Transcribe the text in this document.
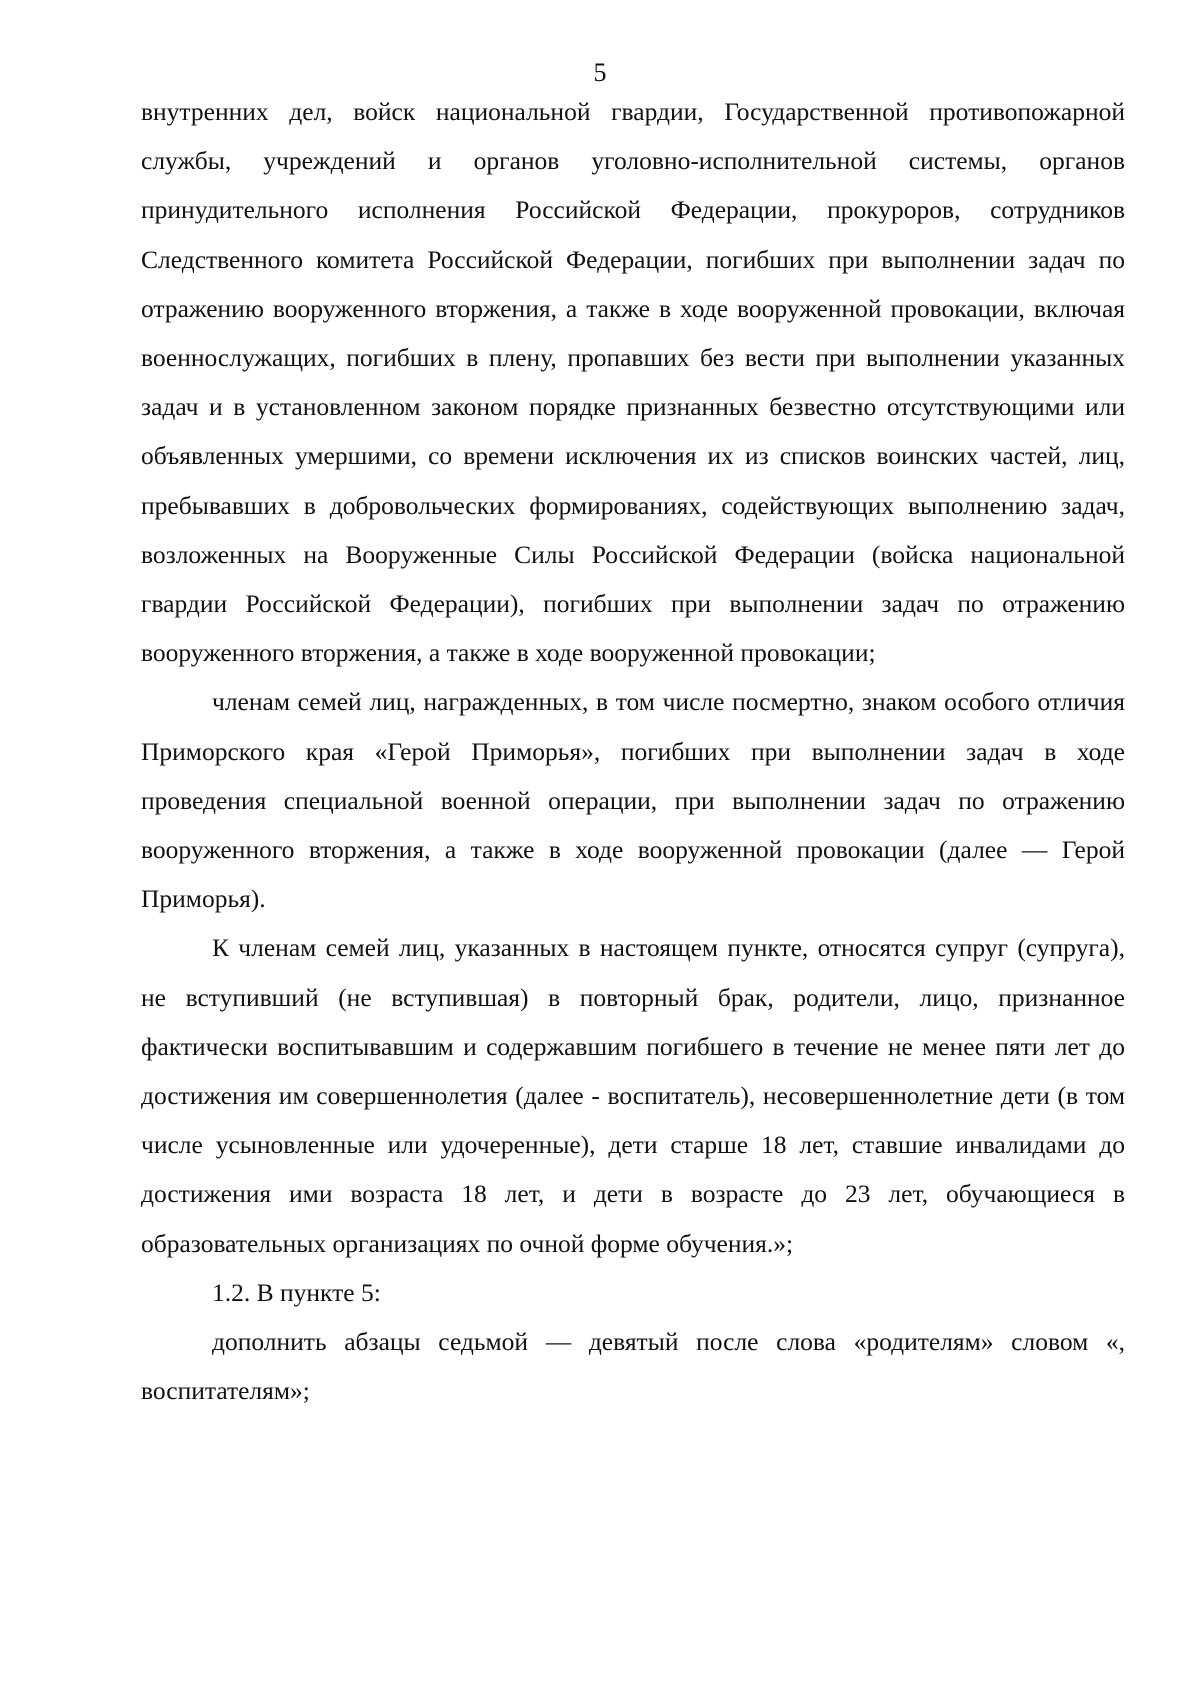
5

внутренних дел, войск национальной гвардии, Государственной противопожарной службы, учреждений и органов уголовно-исполнительной системы, органов принудительного исполнения Российской Федерации, прокуроров, сотрудников Следственного комитета Российской Федерации, погибших при выполнении задач по отражению вооруженного вторжения, а также в ходе вооруженной провокации, включая военнослужащих, погибших в плену, пропавших без вести при выполнении указанных задач и в установленном законом порядке признанных безвестно отсутствующими или объявленных умершими, со времени исключения их из списков воинских частей, лиц, пребывавших в добровольческих формированиях, содействующих выполнению задач, возложенных на Вооруженные Силы Российской Федерации (войска национальной гвардии Российской Федерации), погибших при выполнении задач по отражению вооруженного вторжения, а также в ходе вооруженной провокации;

членам семей лиц, награжденных, в том числе посмертно, знаком особого отличия Приморского края «Герой Приморья», погибших при выполнении задач в ходе проведения специальной военной операции, при выполнении задач по отражению вооруженного вторжения, а также в ходе вооруженной провокации (далее — Герой Приморья).

К членам семей лиц, указанных в настоящем пункте, относятся супруг (супруга), не вступивший (не вступившая) в повторный брак, родители, лицо, признанное фактически воспитывавшим и содержавшим погибшего в течение не менее пяти лет до достижения им совершеннолетия (далее - воспитатель), несовершеннолетние дети (в том числе усыновленные или удочеренные), дети старше 18 лет, ставшие инвалидами до достижения ими возраста 18 лет, и дети в возрасте до 23 лет, обучающиеся в образовательных организациях по очной форме обучения.»;

1.2. В пункте 5:

дополнить абзацы седьмой — девятый после слова «родителям» словом «, воспитателям»;
